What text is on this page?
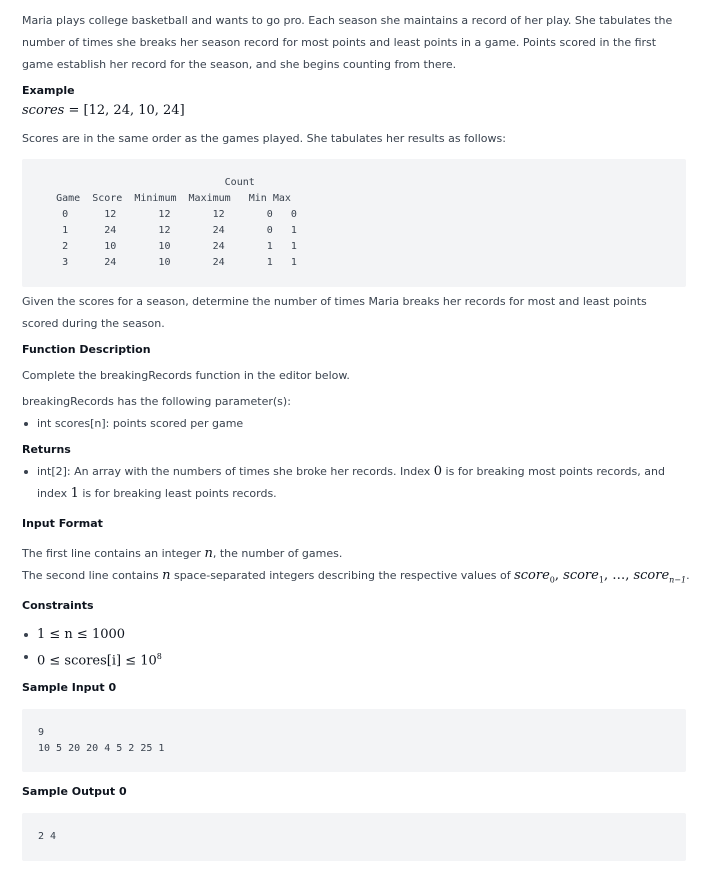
Maria plays college basketball and wants to go pro. Each season she maintains a record of her play. She tabulates the number of times she breaks her season record for most points and least points in a game. Points scored in the first game establish her record for the season, and she begins counting from there.

Example

scores = [12, 24, 10, 24]

Scores are in the same order as the games played. She tabulates her results as follows:

Count
Game  Score  Minimum  Maximum   Min Max
0      12       12       12       0   0
1      24       12       24       0   1
2      10       10       24       1   1
3      24       10       24       1   1

Given the scores for a season, determine the number of times Maria breaks her records for most and least points scored during the season.

Function Description

Complete the breakingRecords function in the editor below.

breakingRecords has the following parameter(s):

int scores[n]: points scored per game

Returns

int[2]: An array with the numbers of times she broke her records. Index 0 is for breaking most points records, and index 1 is for breaking least points records.

Input Format

The first line contains an integer n, the number of games.

The second line contains n space-separated integers describing the respective values of score$_0$, score$_1$, …, score$_{n-1}$.

Constraints

1 ≤ n ≤ 1000
0 ≤ scores[i] ≤ $10^8$

Sample Input 0

9
10 5 20 20 4 5 2 25 1

Sample Output 0

2 4
